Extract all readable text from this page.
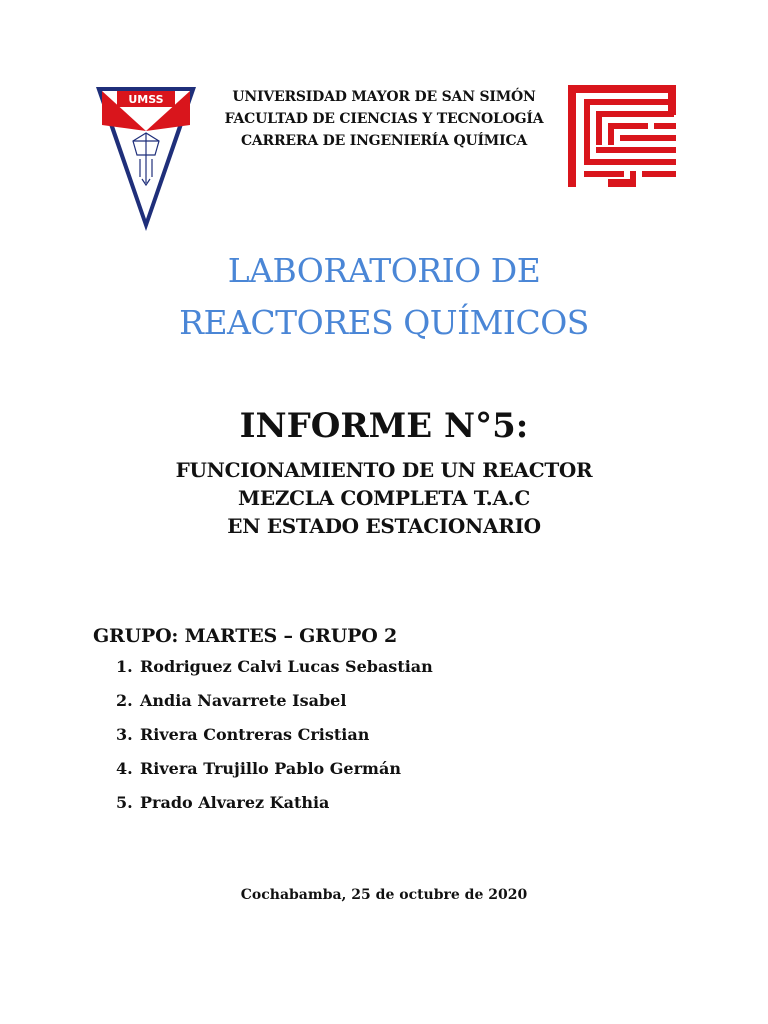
UMSS	UNIVERSIDAD MAYOR DE SAN SIMÓN
FACULTAD DE CIENCIAS Y TECNOLOGÍA
CARRERA DE INGENIERÍA QUÍMICA
LABORATORIO DE
REACTORES QUÍMICOS
INFORME N°5:
FUNCIONAMIENTO DE UN REACTOR
MEZCLA COMPLETA T.A.C
EN ESTADO ESTACIONARIO
GRUPO: MARTES – GRUPO 2
1. Rodriguez Calvi Lucas Sebastian
2. Andia Navarrete Isabel
3. Rivera Contreras Cristian
4. Rivera Trujillo Pablo Germán
5. Prado Alvarez Kathia
Cochabamba, 25 de octubre de 2020
